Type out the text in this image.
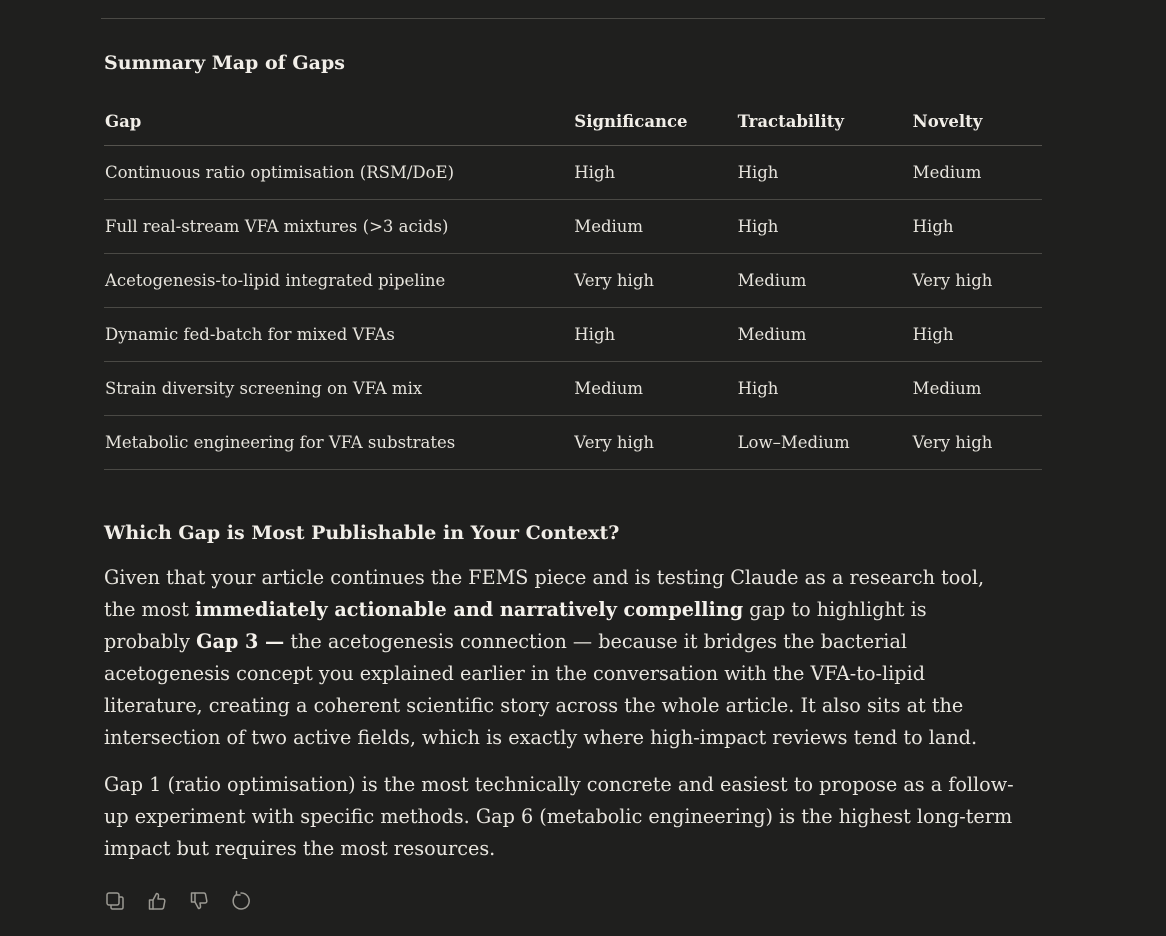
Summary Map of Gaps
Gap	Significance	Tractability	Novelty
Continuous ratio optimisation (RSM/DoE)	High	High	Medium
Full real-stream VFA mixtures (>3 acids)	Medium	High	High
Acetogenesis-to-lipid integrated pipeline	Very high	Medium	Very high
Dynamic fed-batch for mixed VFAs	High	Medium	High
Strain diversity screening on VFA mix	Medium	High	Medium
Metabolic engineering for VFA substrates	Very high	Low–Medium	Very high
Which Gap is Most Publishable in Your Context?

Given that your article continues the FEMS piece and is testing Claude as a research tool, the most immediately actionable and narratively compelling gap to highlight is probably Gap 3 — the acetogenesis connection — because it bridges the bacterial acetogenesis concept you explained earlier in the conversation with the VFA-to-lipid literature, creating a coherent scientific story across the whole article. It also sits at the intersection of two active fields, which is exactly where high-impact reviews tend to land.

Gap 1 (ratio optimisation) is the most technically concrete and easiest to propose as a follow-up experiment with specific methods. Gap 6 (metabolic engineering) is the highest long-term impact but requires the most resources.
